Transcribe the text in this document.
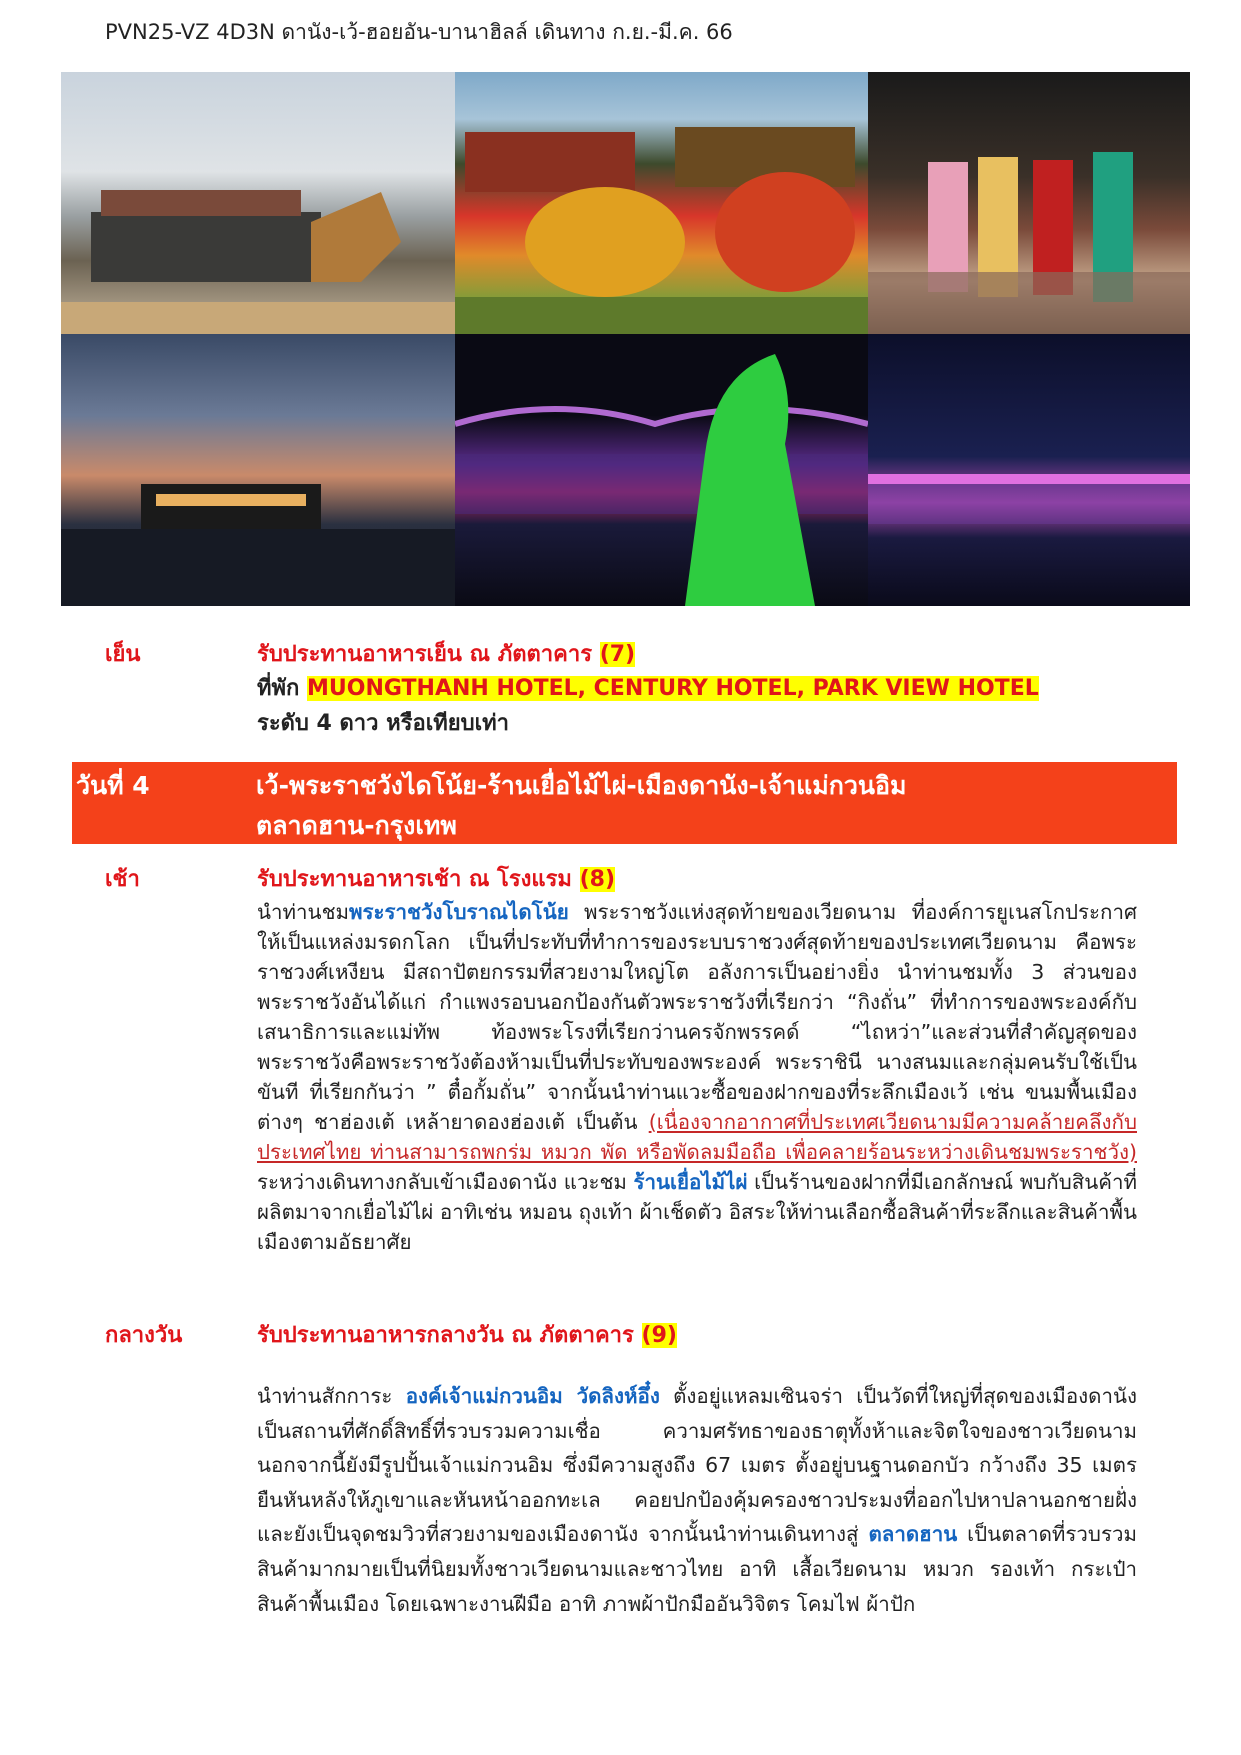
PVN25-VZ 4D3N ดานัง-เว้-ฮอยอัน-บานาฮิลล์ เดินทาง ก.ย.-มี.ค. 66
เย็น	รับประทานอาหารเย็น ณ ภัตตาคาร (7)
ที่พัก MUONGTHANH HOTEL, CENTURY HOTEL, PARK VIEW HOTEL
ระดับ 4 ดาว หรือเทียบเท่า
วันที่ 4	เว้-พระราชวังไดโน้ย-ร้านเยื่อไม้ไผ่-เมืองดานัง-เจ้าแม่กวนอิม
ตลาดฮาน-กรุงเทพ
เช้า	รับประทานอาหารเช้า ณ โรงแรม (8)
นำท่านชมพระราชวังโบราณไดโน้ย พระราชวังแห่งสุดท้ายของเวียดนาม ที่องค์การยูเนสโกประกาศให้เป็นแหล่งมรดกโลก เป็นที่ประทับที่ทำการของระบบราชวงศ์สุดท้ายของประเทศเวียดนาม คือพระราชวงศ์เหงียน มีสถาปัตยกรรมที่สวยงามใหญ่โต อลังการเป็นอย่างยิ่ง นำท่านชมทั้ง 3 ส่วนของพระราชวังอันได้แก่ กำแพงรอบนอกป้องกันตัวพระราชวังที่เรียกว่า “กิงถั่น” ที่ทำการของพระองค์กับเสนาธิการและแม่ทัพ ท้องพระโรงที่เรียกว่านครจักพรรคด์ “ไถหว่า”และส่วนที่สำคัญสุดของพระราชวังคือพระราชวังต้องห้ามเป็นที่ประทับของพระองค์ พระราชินี นางสนมและกลุ่มคนรับใช้เป็นขันที ที่เรียกกันว่า ” ตื๋อกั้มถั่น” จากนั้นนำท่านแวะซื้อของฝากของที่ระลึกเมืองเว้ เช่น ขนมพื้นเมืองต่างๆ ชาฮ่องเต้ เหล้ายาดองฮ่องเต้ เป็นต้น (เนื่องจากอากาศที่ประเทศเวียดนามมีความคล้ายคลึงกับประเทศไทย ท่านสามารถพกร่ม หมวก พัด หรือพัดลมมือถือ เพื่อคลายร้อนระหว่างเดินชมพระราชวัง) ระหว่างเดินทางกลับเข้าเมืองดานัง แวะชม ร้านเยื่อไม้ไผ่ เป็นร้านของฝากที่มีเอกลักษณ์ พบกับสินค้าที่ผลิตมาจากเยื่อไม้ไผ่ อาทิเช่น หมอน ถุงเท้า ผ้าเช็ดตัว อิสระให้ท่านเลือกซื้อสินค้าที่ระลึกและสินค้าพื้นเมืองตามอัธยาศัย
กลางวัน	รับประทานอาหารกลางวัน ณ ภัตตาคาร (9)
นำท่านสักการะ องค์เจ้าแม่กวนอิม วัดลิงห์อึ๋ง ตั้งอยู่แหลมเซินจร่า เป็นวัดที่ใหญ่ที่สุดของเมืองดานัง เป็นสถานที่ศักดิ์สิทธิ์ที่รวบรวมความเชื่อ ความศรัทธาของธาตุทั้งห้าและจิตใจของชาวเวียดนาม นอกจากนี้ยังมีรูปปั้นเจ้าแม่กวนอิม ซึ่งมีความสูงถึง 67 เมตร ตั้งอยู่บนฐานดอกบัว กว้างถึง 35 เมตร ยืนหันหลังให้ภูเขาและหันหน้าออกทะเล คอยปกป้องคุ้มครองชาวประมงที่ออกไปหาปลานอกชายฝั่ง และยังเป็นจุดชมวิวที่สวยงามของเมืองดานัง จากนั้นนำท่านเดินทางสู่ ตลาดฮาน เป็นตลาดที่รวบรวมสินค้ามากมายเป็นที่นิยมทั้งชาวเวียดนามและชาวไทย อาทิ เสื้อเวียดนาม หมวก รองเท้า กระเป๋า สินค้าพื้นเมือง โดยเฉพาะงานฝีมือ อาทิ ภาพผ้าปักมืออันวิจิตร โคมไฟ ผ้าปัก
